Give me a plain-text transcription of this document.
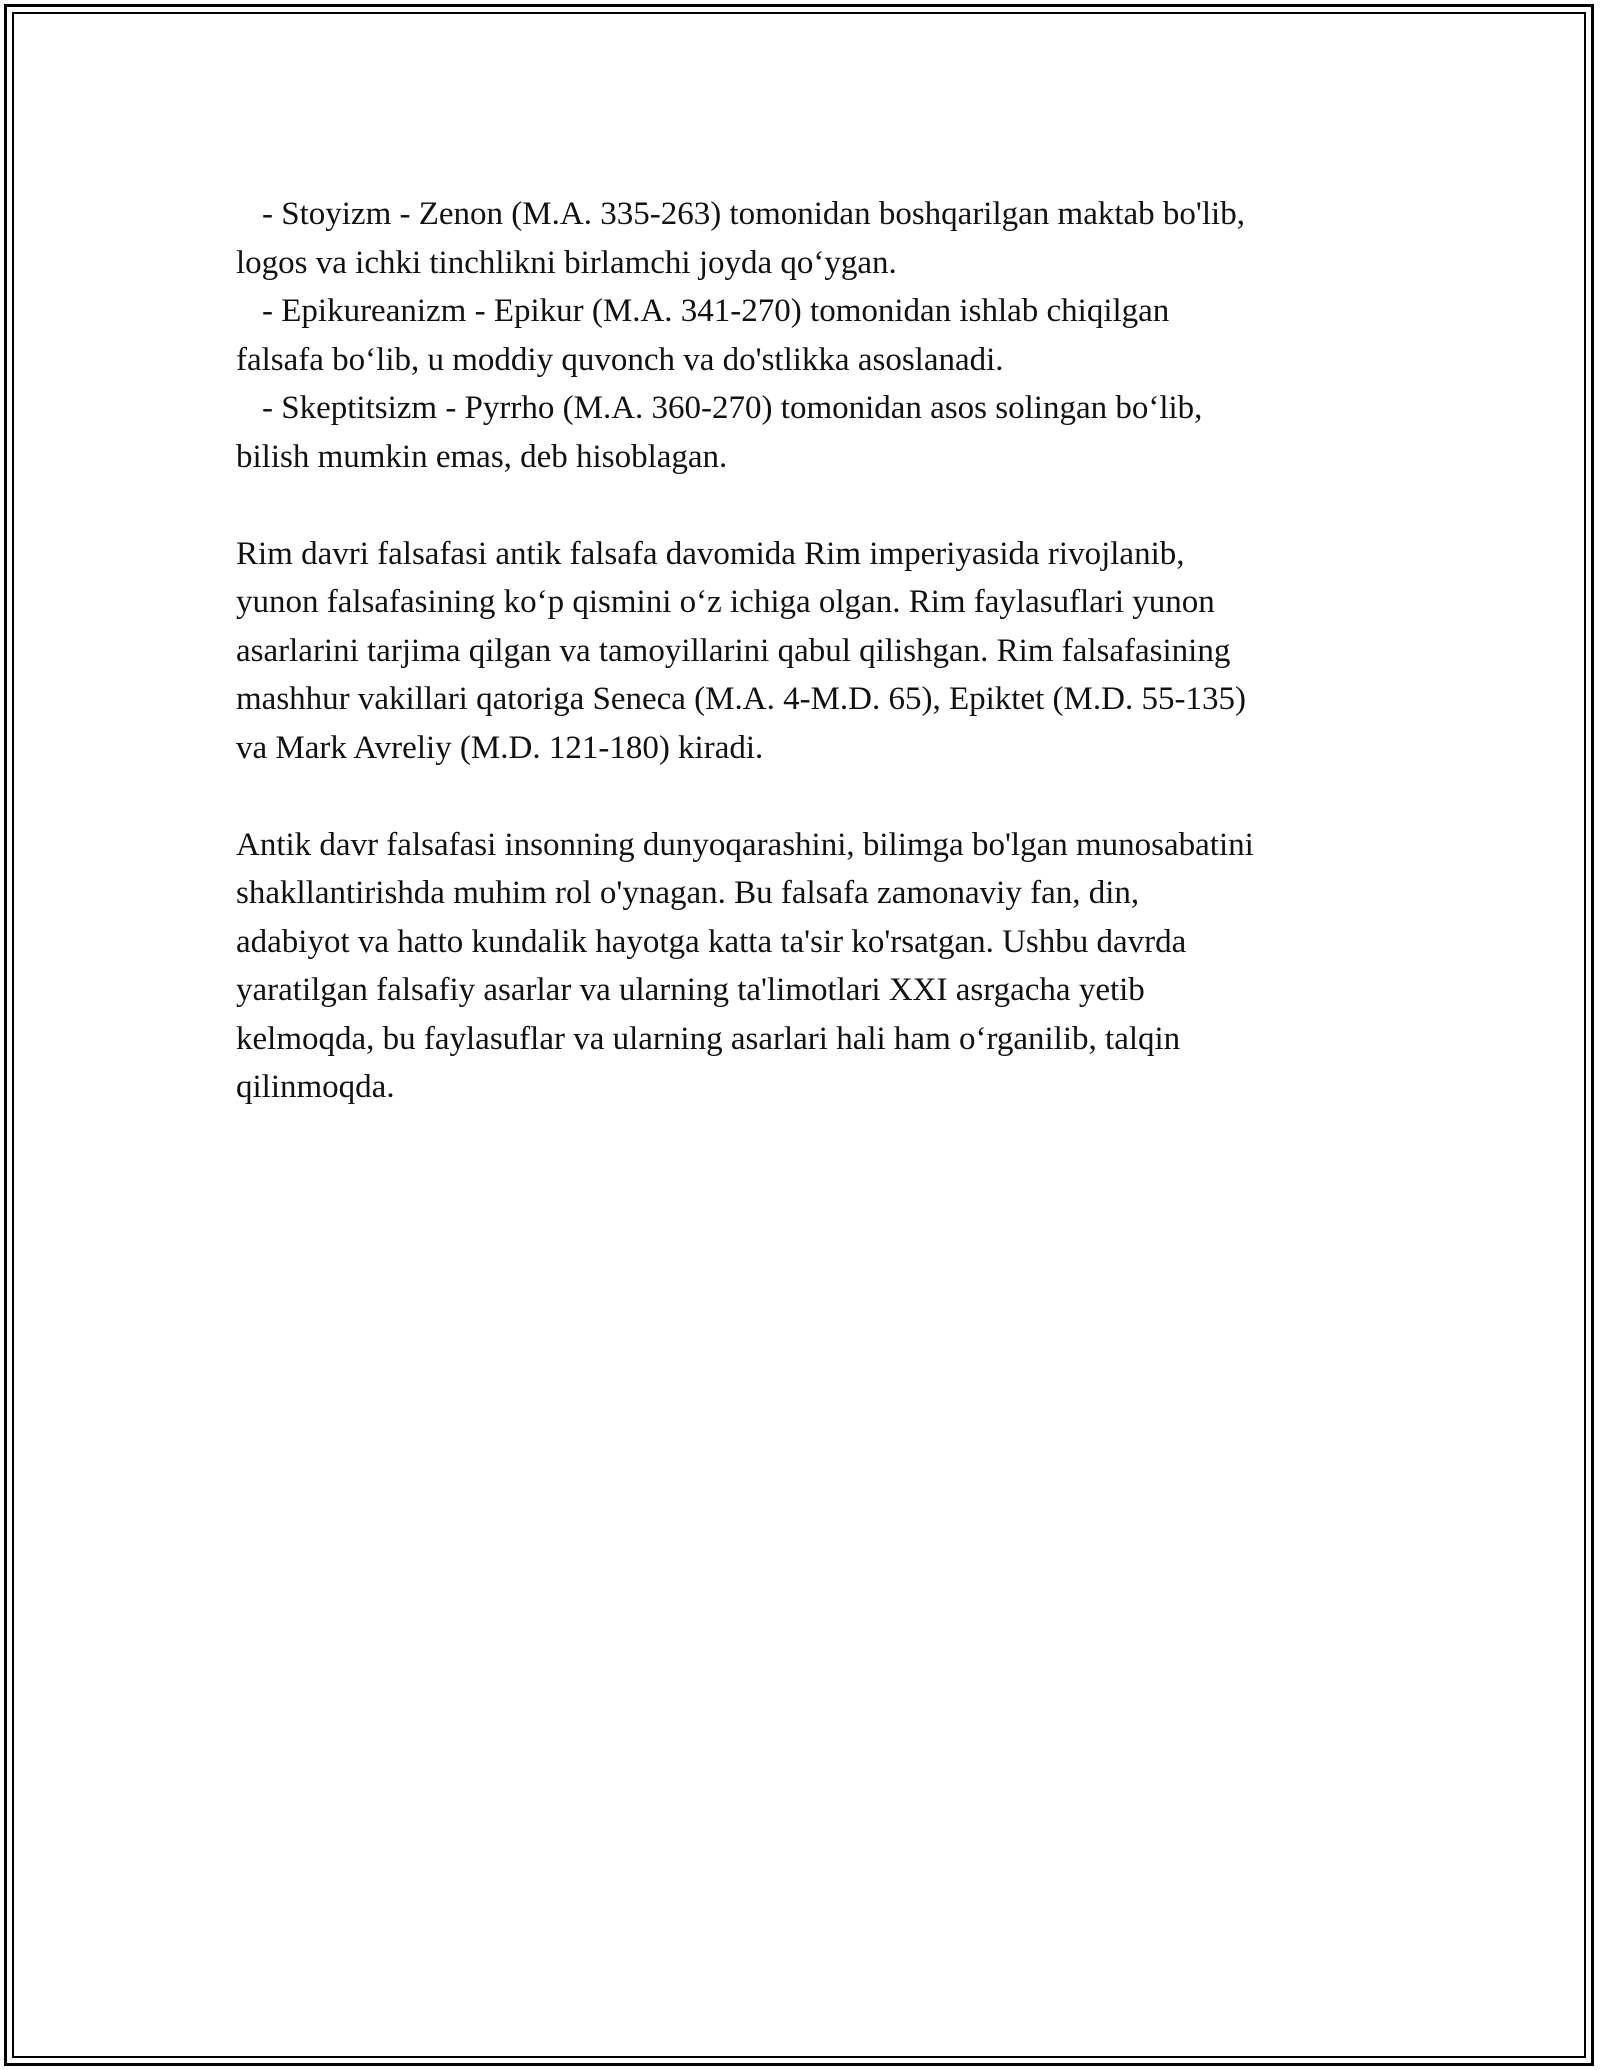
- Stoyizm - Zenon (M.A. 335-263) tomonidan boshqarilgan maktab bo'lib,
logos va ichki tinchlikni birlamchi joyda qo‘ygan.
- Epikureanizm - Epikur (M.A. 341-270) tomonidan ishlab chiqilgan
falsafa bo‘lib, u moddiy quvonch va do'stlikka asoslanadi.
- Skeptitsizm - Pyrrho (M.A. 360-270) tomonidan asos solingan bo‘lib,
bilish mumkin emas, deb hisoblagan.
Rim davri falsafasi antik falsafa davomida Rim imperiyasida rivojlanib,
yunon falsafasining ko‘p qismini o‘z ichiga olgan. Rim faylasuflari yunon
asarlarini tarjima qilgan va tamoyillarini qabul qilishgan. Rim falsafasining
mashhur vakillari qatoriga Seneca (M.A. 4-M.D. 65), Epiktet (M.D. 55-135)
va Mark Avreliy (M.D. 121-180) kiradi.
Antik davr falsafasi insonning dunyoqarashini, bilimga bo'lgan munosabatini
shakllantirishda muhim rol o'ynagan. Bu falsafa zamonaviy fan, din,
adabiyot va hatto kundalik hayotga katta ta'sir ko'rsatgan. Ushbu davrda
yaratilgan falsafiy asarlar va ularning ta'limotlari XXI asrgacha yetib
kelmoqda, bu faylasuflar va ularning asarlari hali ham o‘rganilib, talqin
qilinmoqda.
